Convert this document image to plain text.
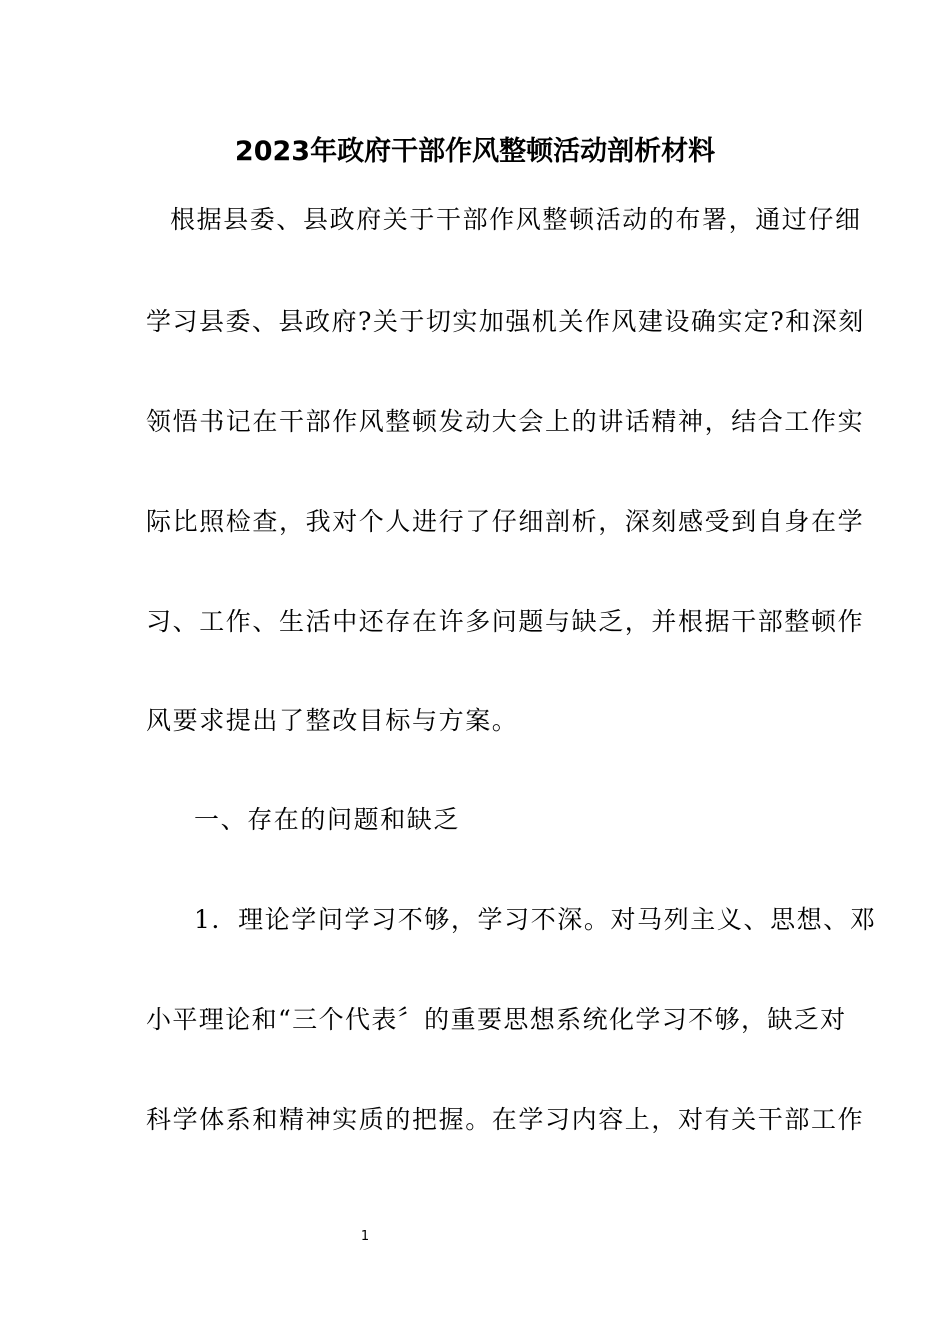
2023年政府干部作风整顿活动剖析材料

根据县委、县政府关于干部作风整顿活动的布署，通过仔细

学习县委、县政府?关于切实加强机关作风建设确实定?和深刻

领悟书记在干部作风整顿发动大会上的讲话精神，结合工作实

际比照检查，我对个人进行了仔细剖析，深刻感受到自身在学

习、工作、生活中还存在许多问题与缺乏，并根据干部整顿作

风要求提出了整改目标与方案。

一、存在的问题和缺乏

1．理论学问学习不够，学习不深。对马列主义、思想、邓

小平理论和“三个代表〞的重要思想系统化学习不够，缺乏对

科学体系和精神实质的把握。在学习内容上，对有关干部工作

1
